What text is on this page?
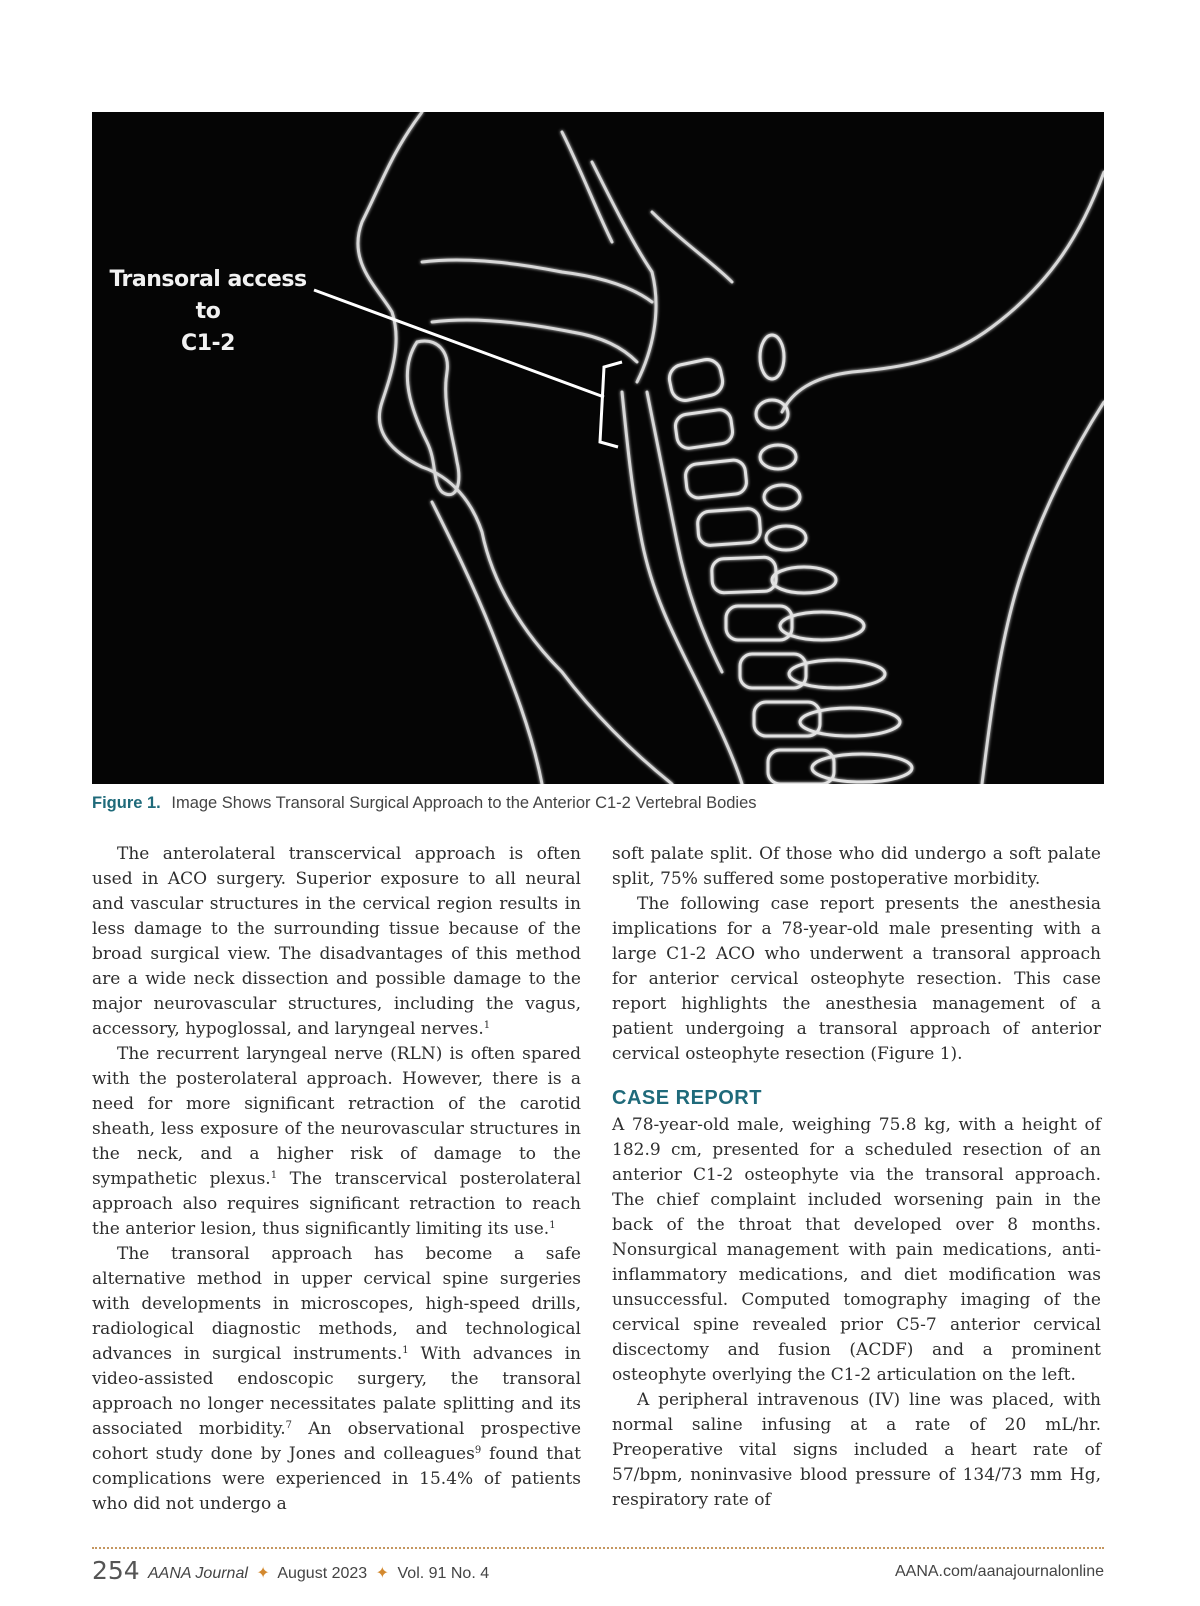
Transoral access to
C1-2
Figure 1. Image Shows Transoral Surgical Approach to the Anterior C1-2 Vertebral Bodies

The anterolateral transcervical approach is often used in ACO surgery. Superior exposure to all neural and vascular structures in the cervical region results in less damage to the surrounding tissue because of the broad surgical view. The disadvantages of this method are a wide neck dissection and possible damage to the major neurovascular structures, including the vagus, accessory, hypoglossal, and laryngeal nerves.$^1$

The recurrent laryngeal nerve (RLN) is often spared with the posterolateral approach. However, there is a need for more significant retraction of the carotid sheath, less exposure of the neurovascular structures in the neck, and a higher risk of damage to the sympathetic plexus.$^1$ The transcervical posterolateral approach also requires significant retraction to reach the anterior lesion, thus significantly limiting its use.$^1$

The transoral approach has become a safe alternative method in upper cervical spine surgeries with developments in microscopes, high-speed drills, radiological diagnostic methods, and technological advances in surgical instruments.$^1$ With advances in video-assisted endoscopic surgery, the transoral approach no longer necessitates palate splitting and its associated morbidity.$^7$ An observational prospective cohort study done by Jones and colleagues$^9$ found that complications were experienced in 15.4% of patients who did not undergo a

soft palate split. Of those who did undergo a soft palate split, 75% suffered some postoperative morbidity.

The following case report presents the anesthesia implications for a 78-year-old male presenting with a large C1-2 ACO who underwent a transoral approach for anterior cervical osteophyte resection. This case report highlights the anesthesia management of a patient undergoing a transoral approach of anterior cervical osteophyte resection (Figure 1).

CASE REPORT

A 78-year-old male, weighing 75.8 kg, with a height of 182.9 cm, presented for a scheduled resection of an anterior C1-2 osteophyte via the transoral approach. The chief complaint included worsening pain in the back of the throat that developed over 8 months. Nonsurgical management with pain medications, anti-inflammatory medications, and diet modification was unsuccessful. Computed tomography imaging of the cervical spine revealed prior C5-7 anterior cervical discectomy and fusion (ACDF) and a prominent osteophyte overlying the C1-2 articulation on the left.

A peripheral intravenous (IV) line was placed, with normal saline infusing at a rate of 20 mL/hr. Preoperative vital signs included a heart rate of 57/bpm, noninvasive blood pressure of 134/73 mm Hg, respiratory rate of

254 AANA Journal ✦ August 2023 ✦ Vol. 91 No. 4	AANA.com/aanajournalonline
